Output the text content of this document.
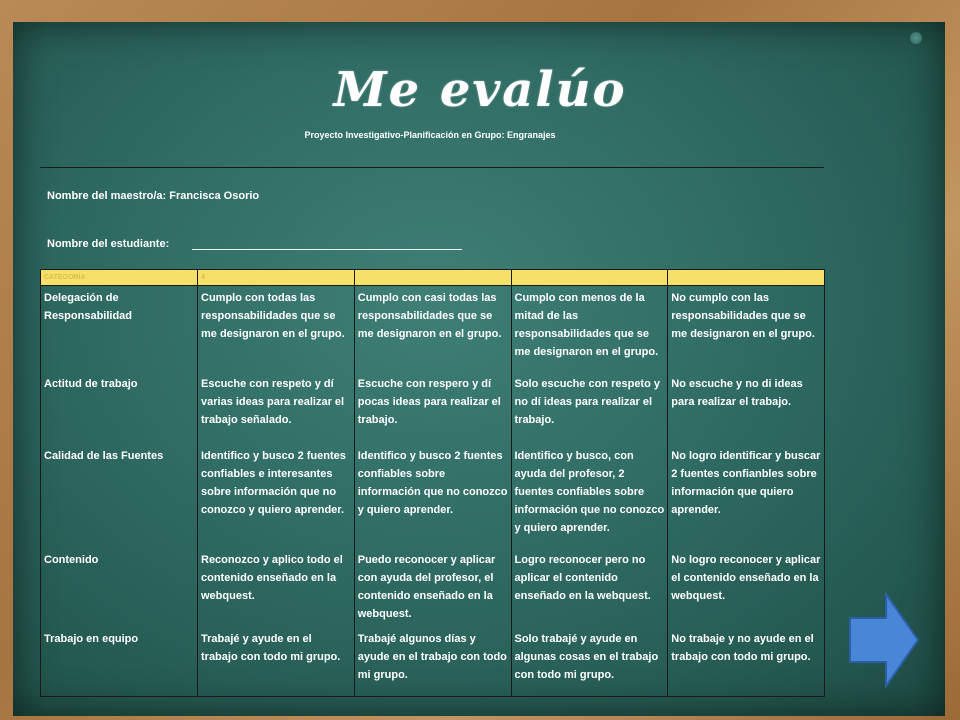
Me evalúo
Proyecto Investigativo-Planificación en Grupo: Engranajes
Nombre del maestro/a: Francisca Osorio
Nombre del estudiante:
CATEGORÍA	4			
Delegación de Responsabilidad	Cumplo con todas las responsabilidades que se me designaron en el grupo.	Cumplo con casi todas las responsabilidades que se me designaron en el grupo.	Cumplo con menos de la mitad de las responsabilidades que se me designaron en el grupo.	No cumplo con las responsabilidades que se me designaron en el grupo.
Actitud de trabajo	Escuche con respeto y dí varias ideas para realizar el trabajo señalado.	Escuche con respero y dí pocas ideas para realizar el trabajo.	Solo escuche con respeto y no dí ideas para realizar el trabajo.	No escuche y no di ideas para realizar el trabajo.
Calidad de las Fuentes	Identifico y busco 2 fuentes confiables e interesantes sobre información que no conozco y quiero aprender.	Identifico y busco 2 fuentes confiables sobre información que no conozco y quiero aprender.	Identifico y busco, con ayuda del profesor, 2 fuentes confiables sobre información que no conozco y quiero aprender.	No logro identificar y buscar 2 fuentes confianbles sobre información que quiero aprender.
Contenido	Reconozco y aplico todo el contenido enseñado en la webquest.	Puedo reconocer y aplicar con ayuda del profesor, el contenido enseñado en la webquest.	Logro reconocer pero no aplicar el contenido enseñado en la webquest.	No logro reconocer y aplicar el contenido enseñado en la webquest.
Trabajo en equipo	Trabajé y ayude en el trabajo con todo mi grupo.	Trabajé algunos días y ayude en el trabajo con todo mi grupo.	Solo trabajé y ayude en algunas cosas en el trabajo con todo mi grupo.	No trabaje y no ayude en el trabajo con todo mi grupo.
